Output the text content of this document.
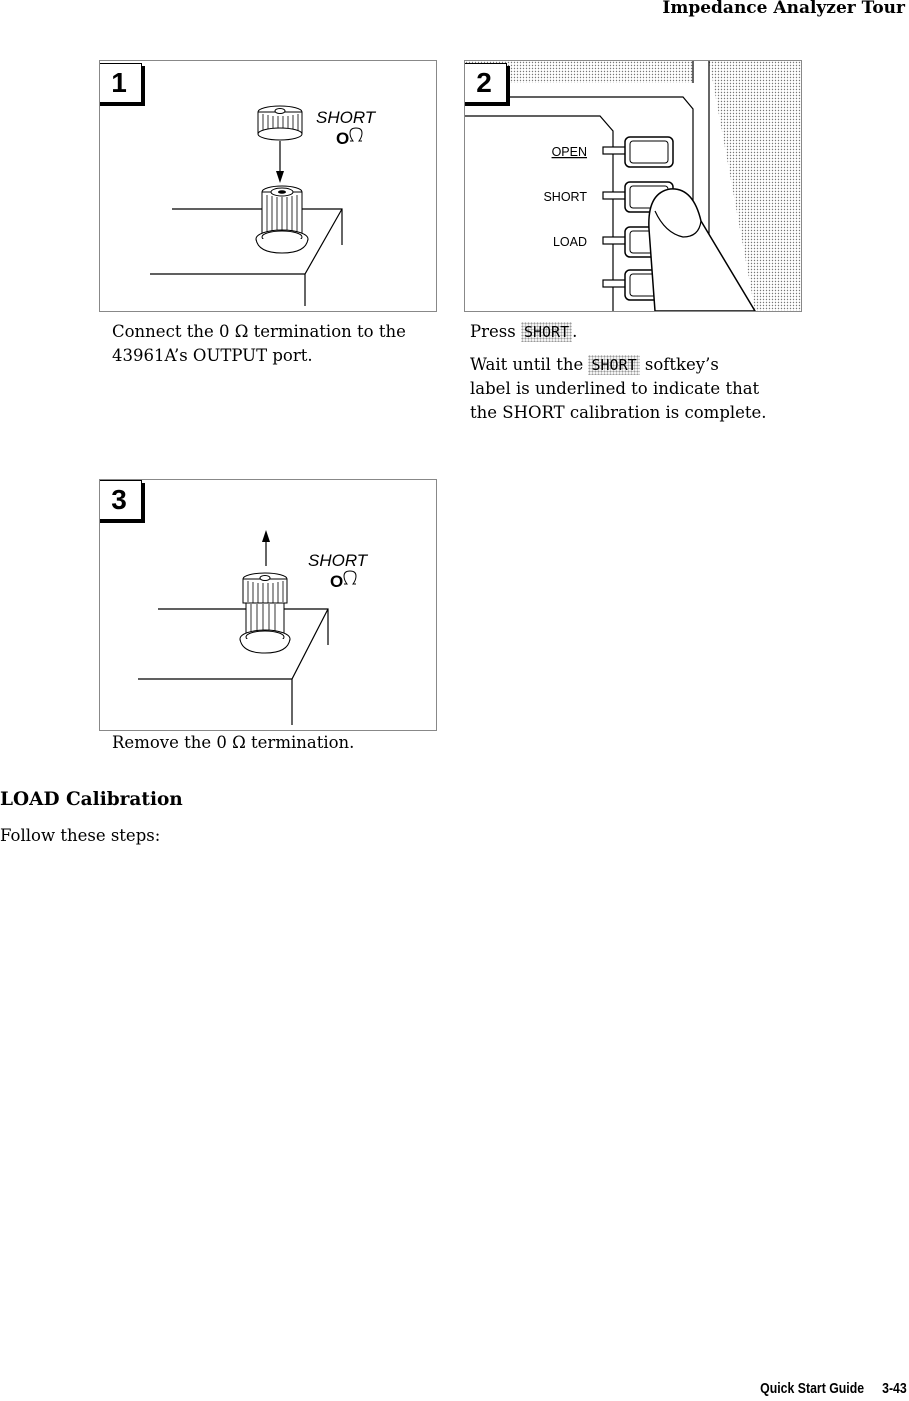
Impedance Analyzer Tour
SHORT
O
1
Connect the 0 Ω termination to the
43961A’s OUTPUT port.
OPEN
SHORT
LOAD
2
Press SHORT .
Wait until the SHORT softkey’s
label is underlined to indicate that
the SHORT calibration is complete.
SHORT
O
3
Remove the 0 Ω termination.
LOAD Calibration
Follow these steps:
Quick Start Guide 3-43
